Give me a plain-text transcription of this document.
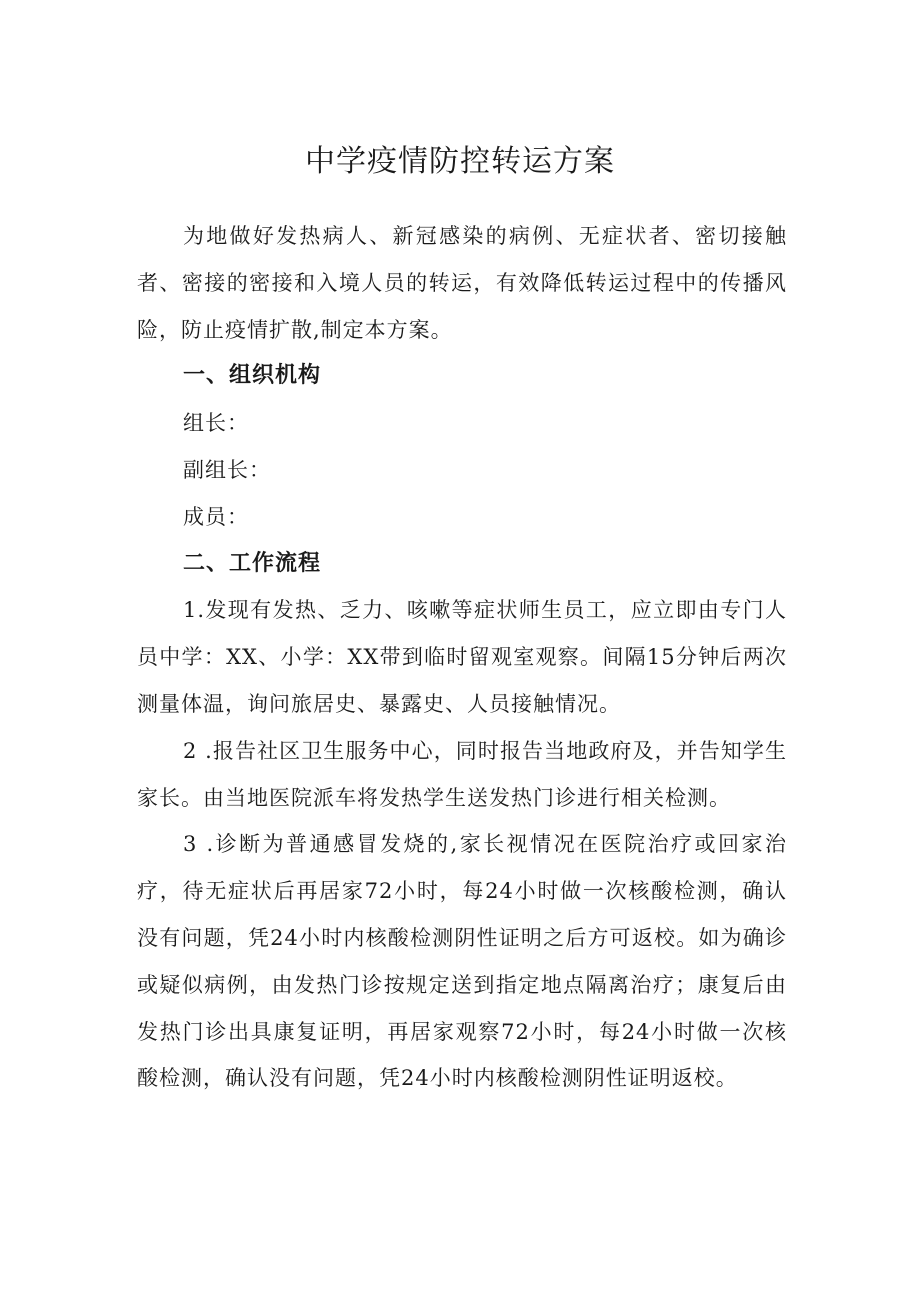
中学疫情防控转运方案

为地做好发热病人、新冠感染的病例、无症状者、密切接触者、密接的密接和入境人员的转运，有效降低转运过程中的传播风险，防止疫情扩散,制定本方案。

一、组织机构

组长：

副组长：

成员：

二、工作流程

1.发现有发热、乏力、咳嗽等症状师生员工，应立即由专门人员中学：XX、小学：XX带到临时留观室观察。间隔15分钟后两次测量体温，询问旅居史、暴露史、人员接触情况。

2 .报告社区卫生服务中心，同时报告当地政府及，并告知学生家长。由当地医院派车将发热学生送发热门诊进行相关检测。

3 .诊断为普通感冒发烧的,家长视情况在医院治疗或回家治疗，待无症状后再居家72小时，每24小时做一次核酸检测，确认没有问题，凭24小时内核酸检测阴性证明之后方可返校。如为确诊或疑似病例，由发热门诊按规定送到指定地点隔离治疗；康复后由发热门诊出具康复证明，再居家观察72小时，每24小时做一次核酸检测，确认没有问题，凭24小时内核酸检测阴性证明返校。
